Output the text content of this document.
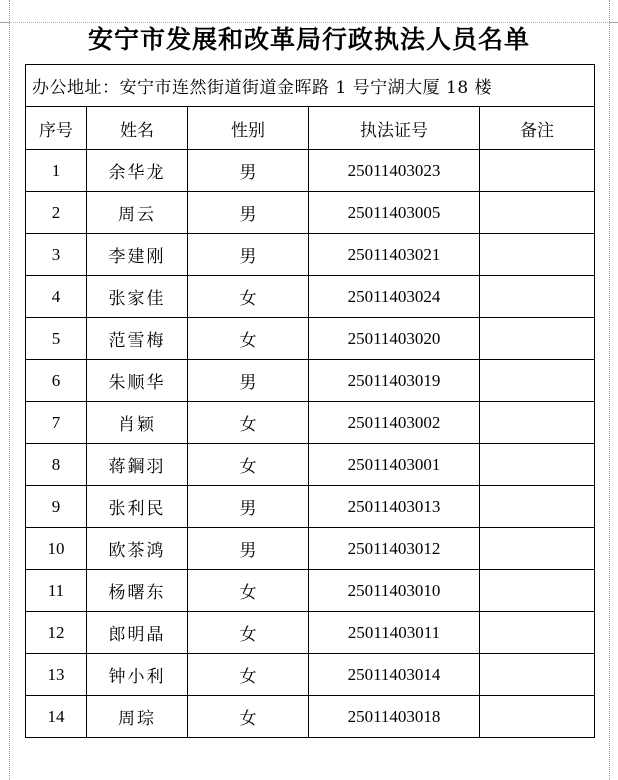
安宁市发展和改革局行政执法人员名单
办公地址：安宁市连然街道街道金晖路 1 号宁湖大厦 18 楼				
序号	姓名	性别	执法证号	备注
1	余华龙	男	25011403023	
2	周云	男	25011403005	
3	李建刚	男	25011403021	
4	张家佳	女	25011403024	
5	范雪梅	女	25011403020	
6	朱顺华	男	25011403019	
7	肖颖	女	25011403002	
8	蒋鋼羽	女	25011403001	
9	张利民	男	25011403013	
10	欧茶鸿	男	25011403012	
11	杨曙东	女	25011403010	
12	郎明晶	女	25011403011	
13	钟小利	女	25011403014	
14	周琮	女	25011403018	
